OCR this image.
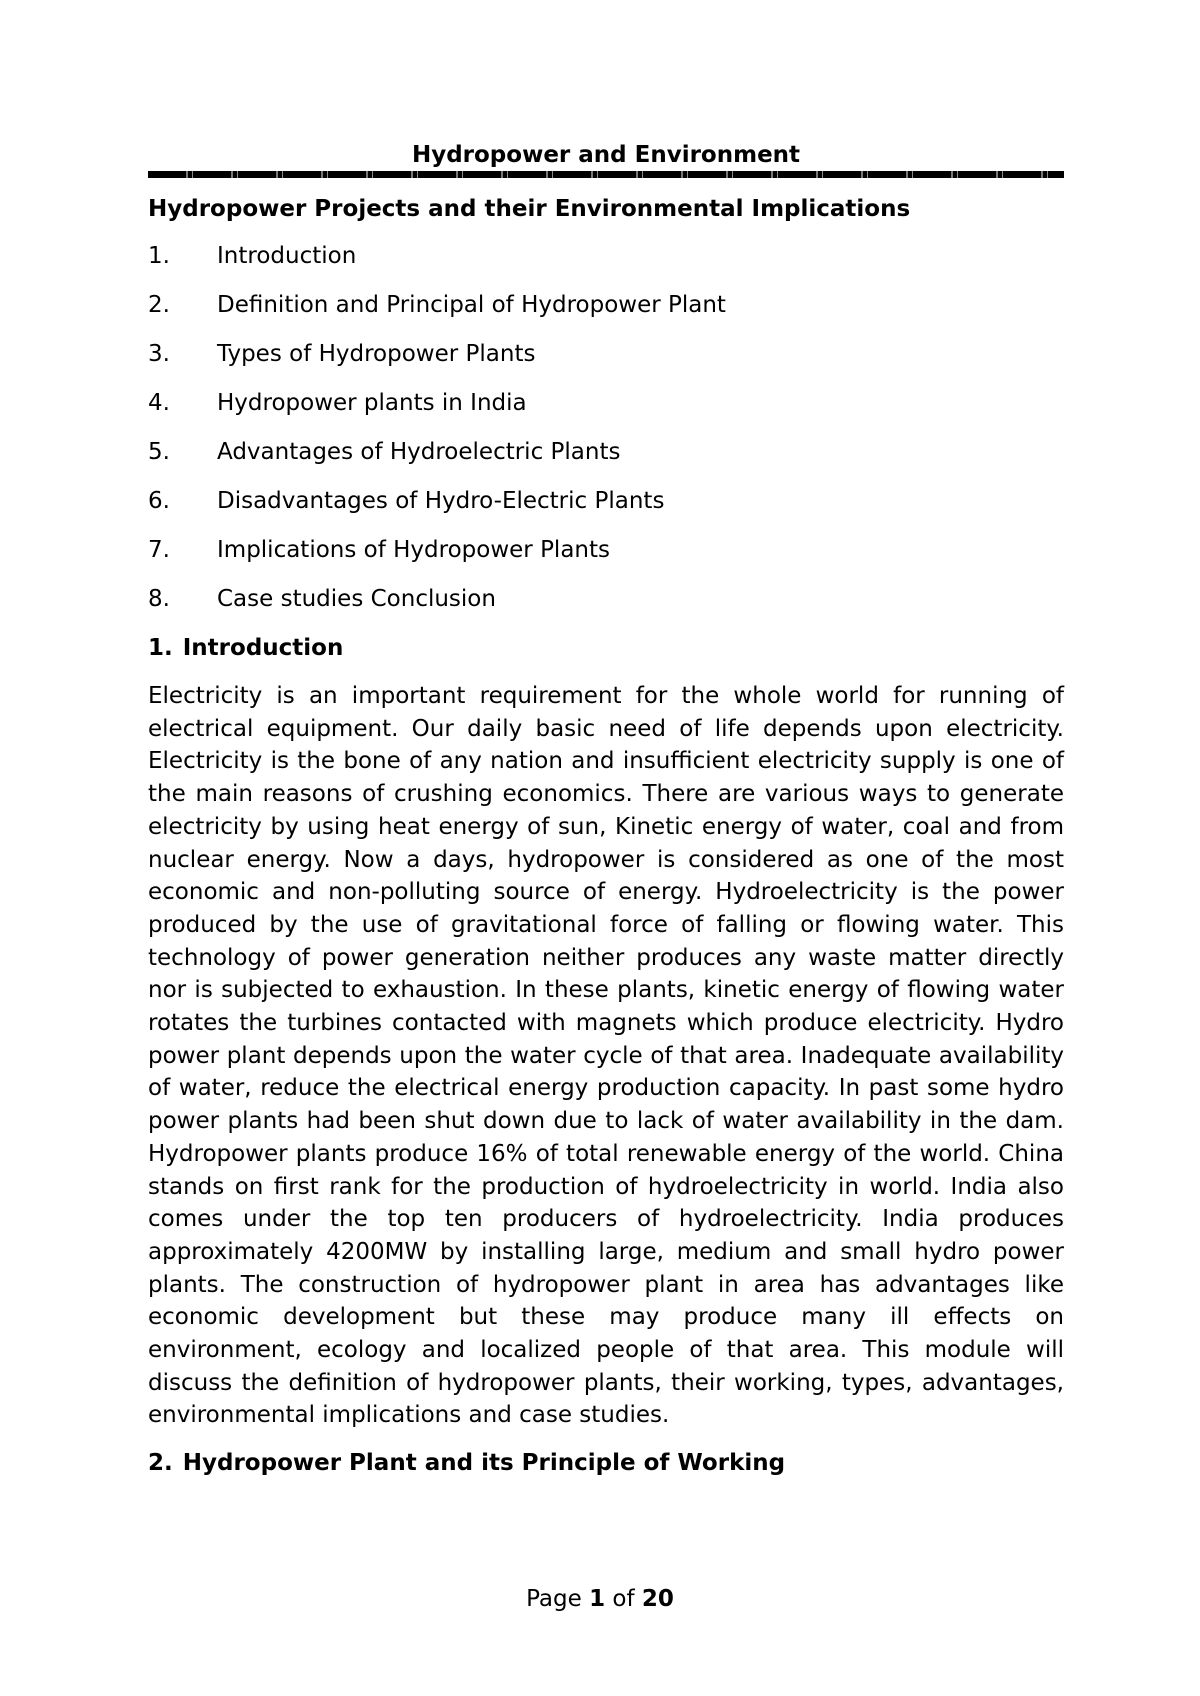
Hydropower and Environment
Hydropower Projects and their Environmental Implications
1.	Introduction
2.	Definition and Principal of Hydropower Plant
3.	Types of Hydropower Plants
4.	Hydropower plants in India
5.	Advantages of Hydroelectric Plants
6.	Disadvantages of Hydro-Electric Plants
7.	Implications of Hydropower Plants
8.	Case studies Conclusion
1. Introduction

Electricity is an important requirement for the whole world for running of electrical equipment. Our daily basic need of life depends upon electricity. Electricity is the bone of any nation and insufficient electricity supply is one of the main reasons of crushing economics. There are various ways to generate electricity by using heat energy of sun, Kinetic energy of water, coal and from nuclear energy. Now a days, hydropower is considered as one of the most economic and non-polluting source of energy. Hydroelectricity is the power produced by the use of gravitational force of falling or flowing water. This technology of power generation neither produces any waste matter directly nor is subjected to exhaustion. In these plants, kinetic energy of flowing water rotates the turbines contacted with magnets which produce electricity. Hydro power plant depends upon the water cycle of that area. Inadequate availability of water, reduce the electrical energy production capacity. In past some hydro power plants had been shut down due to lack of water availability in the dam. Hydropower plants produce 16% of total renewable energy of the world. China stands on first rank for the production of hydroelectricity in world. India also comes under the top ten producers of hydroelectricity. India produces approximately 4200MW by installing large, medium and small hydro power plants. The construction of hydropower plant in area has advantages like economic development but these may produce many ill effects on environment, ecology and localized people of that area. This module will discuss the definition of hydropower plants, their working, types, advantages, environmental implications and case studies.

2. Hydropower Plant and its Principle of Working
Page 1 of 20
